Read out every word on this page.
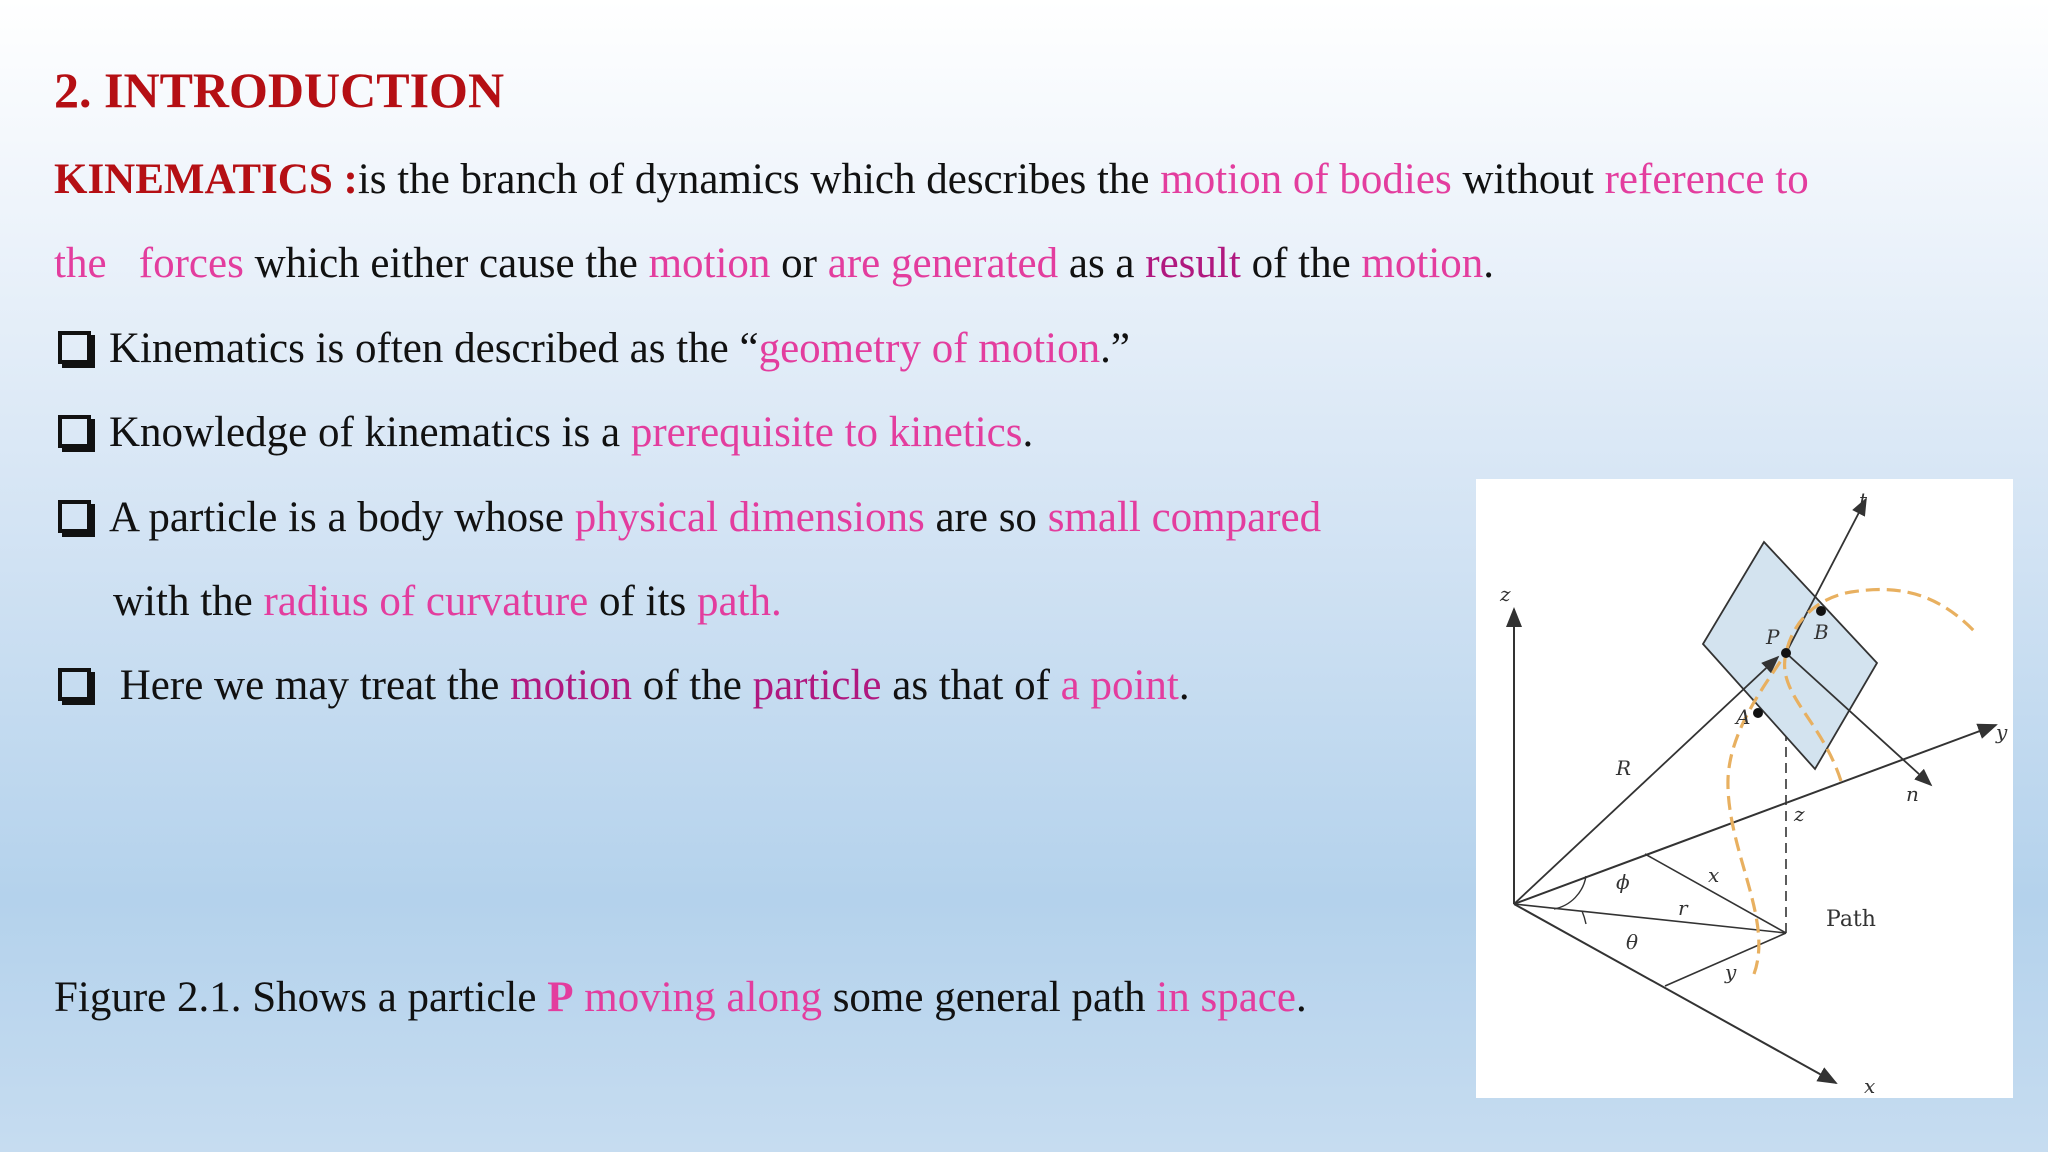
2. INTRODUCTION
KINEMATICS :is the branch of dynamics which describes the motion of bodies without reference to
the   forces which either cause the motion or are generated as a result of the motion.
Kinematics is often described as the “geometry of motion.”
Knowledge of kinematics is a prerequisite to kinetics.
A particle is a body whose physical dimensions are so small compared
with the radius of curvature of its path.
Here we may treat the motion of the particle as that of a point.
Figure 2.1. Shows a particle P moving along some general path in space.
z
x
y
t
n
P
A
B
R
ϕ
θ
r
x
y
z
Path
